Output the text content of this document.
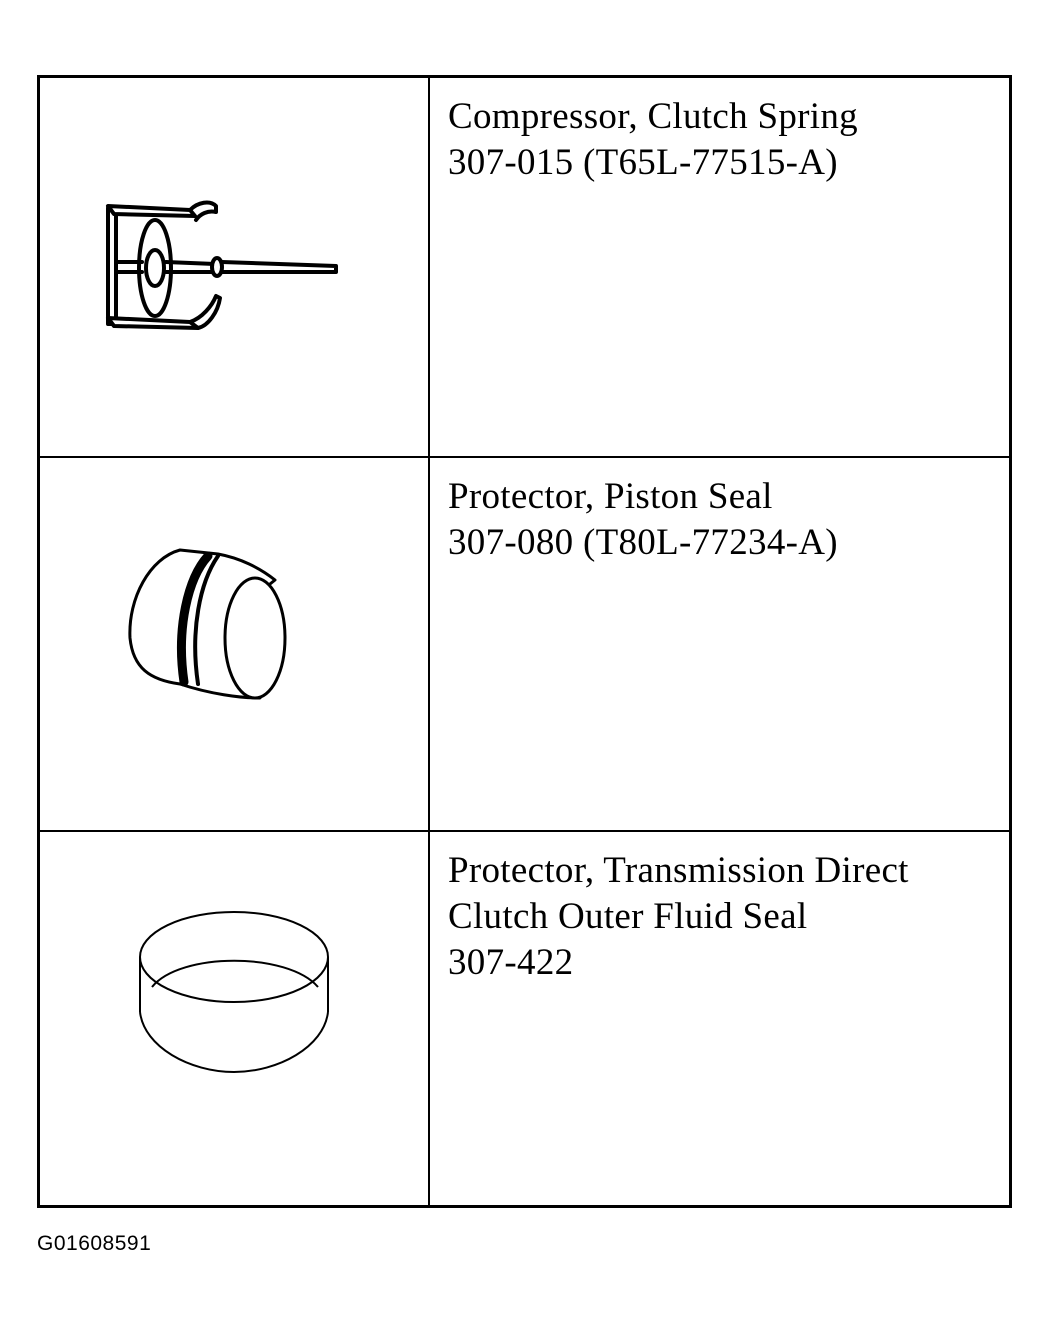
Compressor, Clutch Spring
307-015 (T65L-77515-A)
Protector, Piston Seal
307-080 (T80L-77234-A)
Protector, Transmission Direct
Clutch Outer Fluid Seal
307-422
G01608591
